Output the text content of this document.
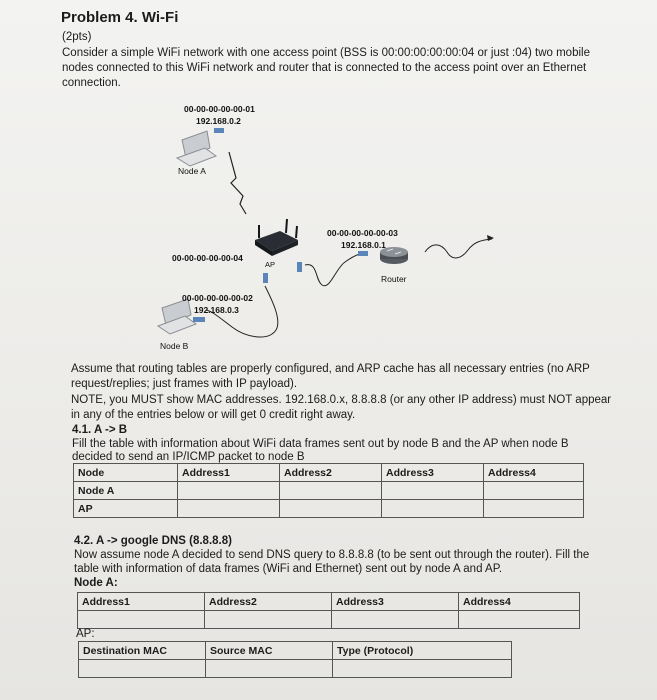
Problem 4. Wi-Fi
(2pts)
Consider a simple WiFi network with one access point (BSS is 00:00:00:00:00:04 or just :04) two mobile
nodes connected to this WiFi network and router that is connected to the access point over an Ethernet
connection.
00-00-00-00-00-01
192.168.0.2
Node A
00-00-00-00-00-04
AP
00-00-00-00-00-03
192.168.0.1
Router
00-00-00-00-00-02
192.168.0.3
Node B
Assume that routing tables are properly configured, and ARP cache has all necessary entries (no ARP
request/replies; just frames with IP payload).
NOTE, you MUST show MAC addresses. 192.168.0.x, 8.8.8.8 (or any other IP address) must NOT appear
in any of the entries below or will get 0 credit right away.
4.1. A -> B
Fill the table with information about WiFi data frames sent out by node B and the AP when node B
decided to send an IP/ICMP packet to node B
Node	Address1	Address2	Address3	Address4
Node A				
AP				
4.2. A -> google DNS (8.8.8.8)
Now assume node A decided to send DNS query to 8.8.8.8 (to be sent out through the router). Fill the
table with information of data frames (WiFi and Ethernet) sent out by node A and AP.
Node A:
Address1	Address2	Address3	Address4

AP:
Destination MAC	Source MAC	Type (Protocol)
